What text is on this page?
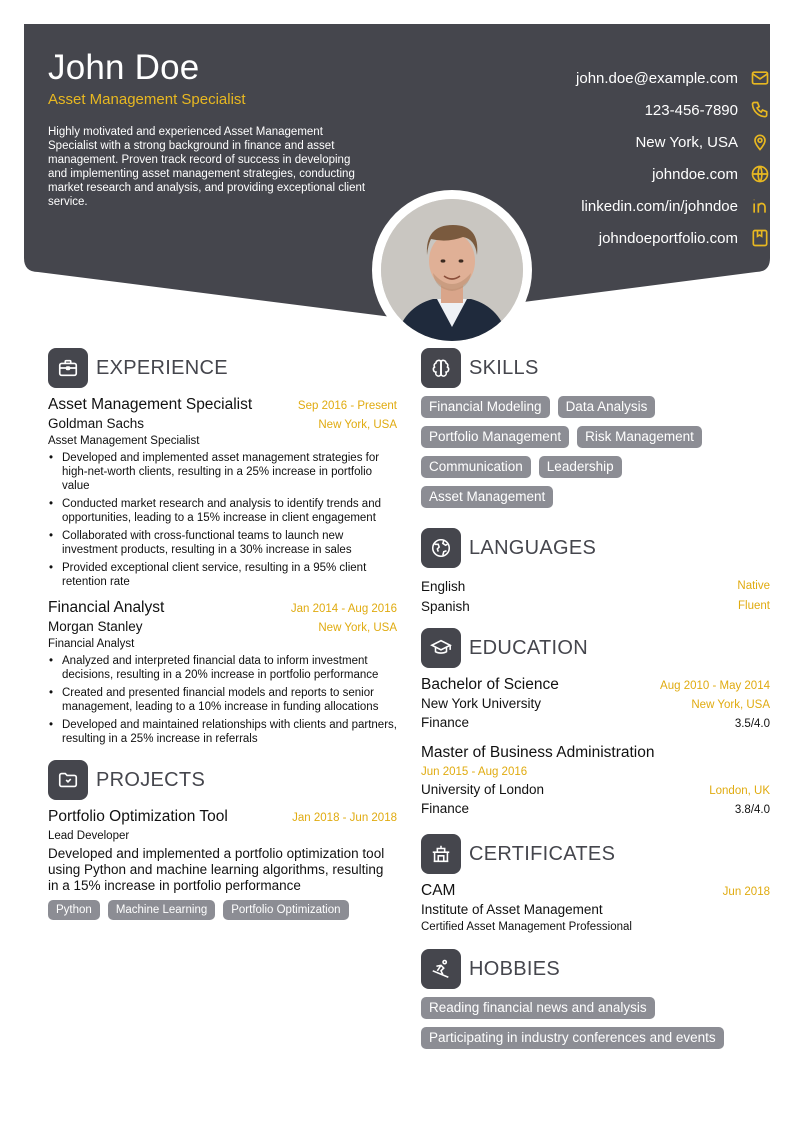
John Doe
Asset Management Specialist
Highly motivated and experienced Asset Management Specialist with a strong background in finance and asset management. Proven track record of success in developing and implementing asset management strategies, conducting market research and analysis, and providing exceptional client service.
john.doe@example.com
123-456-7890
New York, USA
johndoe.com
linkedin.com/in/johndoe
johndoeportfolio.com
EXPERIENCE
Asset Management Specialist	Sep 2016 - Present
Goldman Sachs	New York, USA
Asset Management Specialist
• Developed and implemented asset management strategies for high-net-worth clients, resulting in a 25% increase in portfolio value
• Conducted market research and analysis to identify trends and opportunities, leading to a 15% increase in client engagement
• Collaborated with cross-functional teams to launch new investment products, resulting in a 30% increase in sales
• Provided exceptional client service, resulting in a 95% client retention rate
Financial Analyst	Jan 2014 - Aug 2016
Morgan Stanley	New York, USA
Financial Analyst
• Analyzed and interpreted financial data to inform investment decisions, resulting in a 20% increase in portfolio performance
• Created and presented financial models and reports to senior management, leading to a 10% increase in funding allocations
• Developed and maintained relationships with clients and partners, resulting in a 25% increase in referrals
PROJECTS
Portfolio Optimization Tool	Jan 2018 - Jun 2018
Lead Developer
Developed and implemented a portfolio optimization tool using Python and machine learning algorithms, resulting in a 15% increase in portfolio performance
Python	Machine Learning	Portfolio Optimization
SKILLS
Financial Modeling	Data Analysis
Portfolio Management	Risk Management
Communication	Leadership
Asset Management
LANGUAGES
English	Native
Spanish	Fluent
EDUCATION
Bachelor of Science	Aug 2010 - May 2014
New York University	New York, USA
Finance	3.5/4.0
Master of Business Administration
Jun 2015 - Aug 2016
University of London	London, UK
Finance	3.8/4.0
CERTIFICATES
CAM	Jun 2018
Institute of Asset Management
Certified Asset Management Professional
HOBBIES
Reading financial news and analysis
Participating in industry conferences and events
